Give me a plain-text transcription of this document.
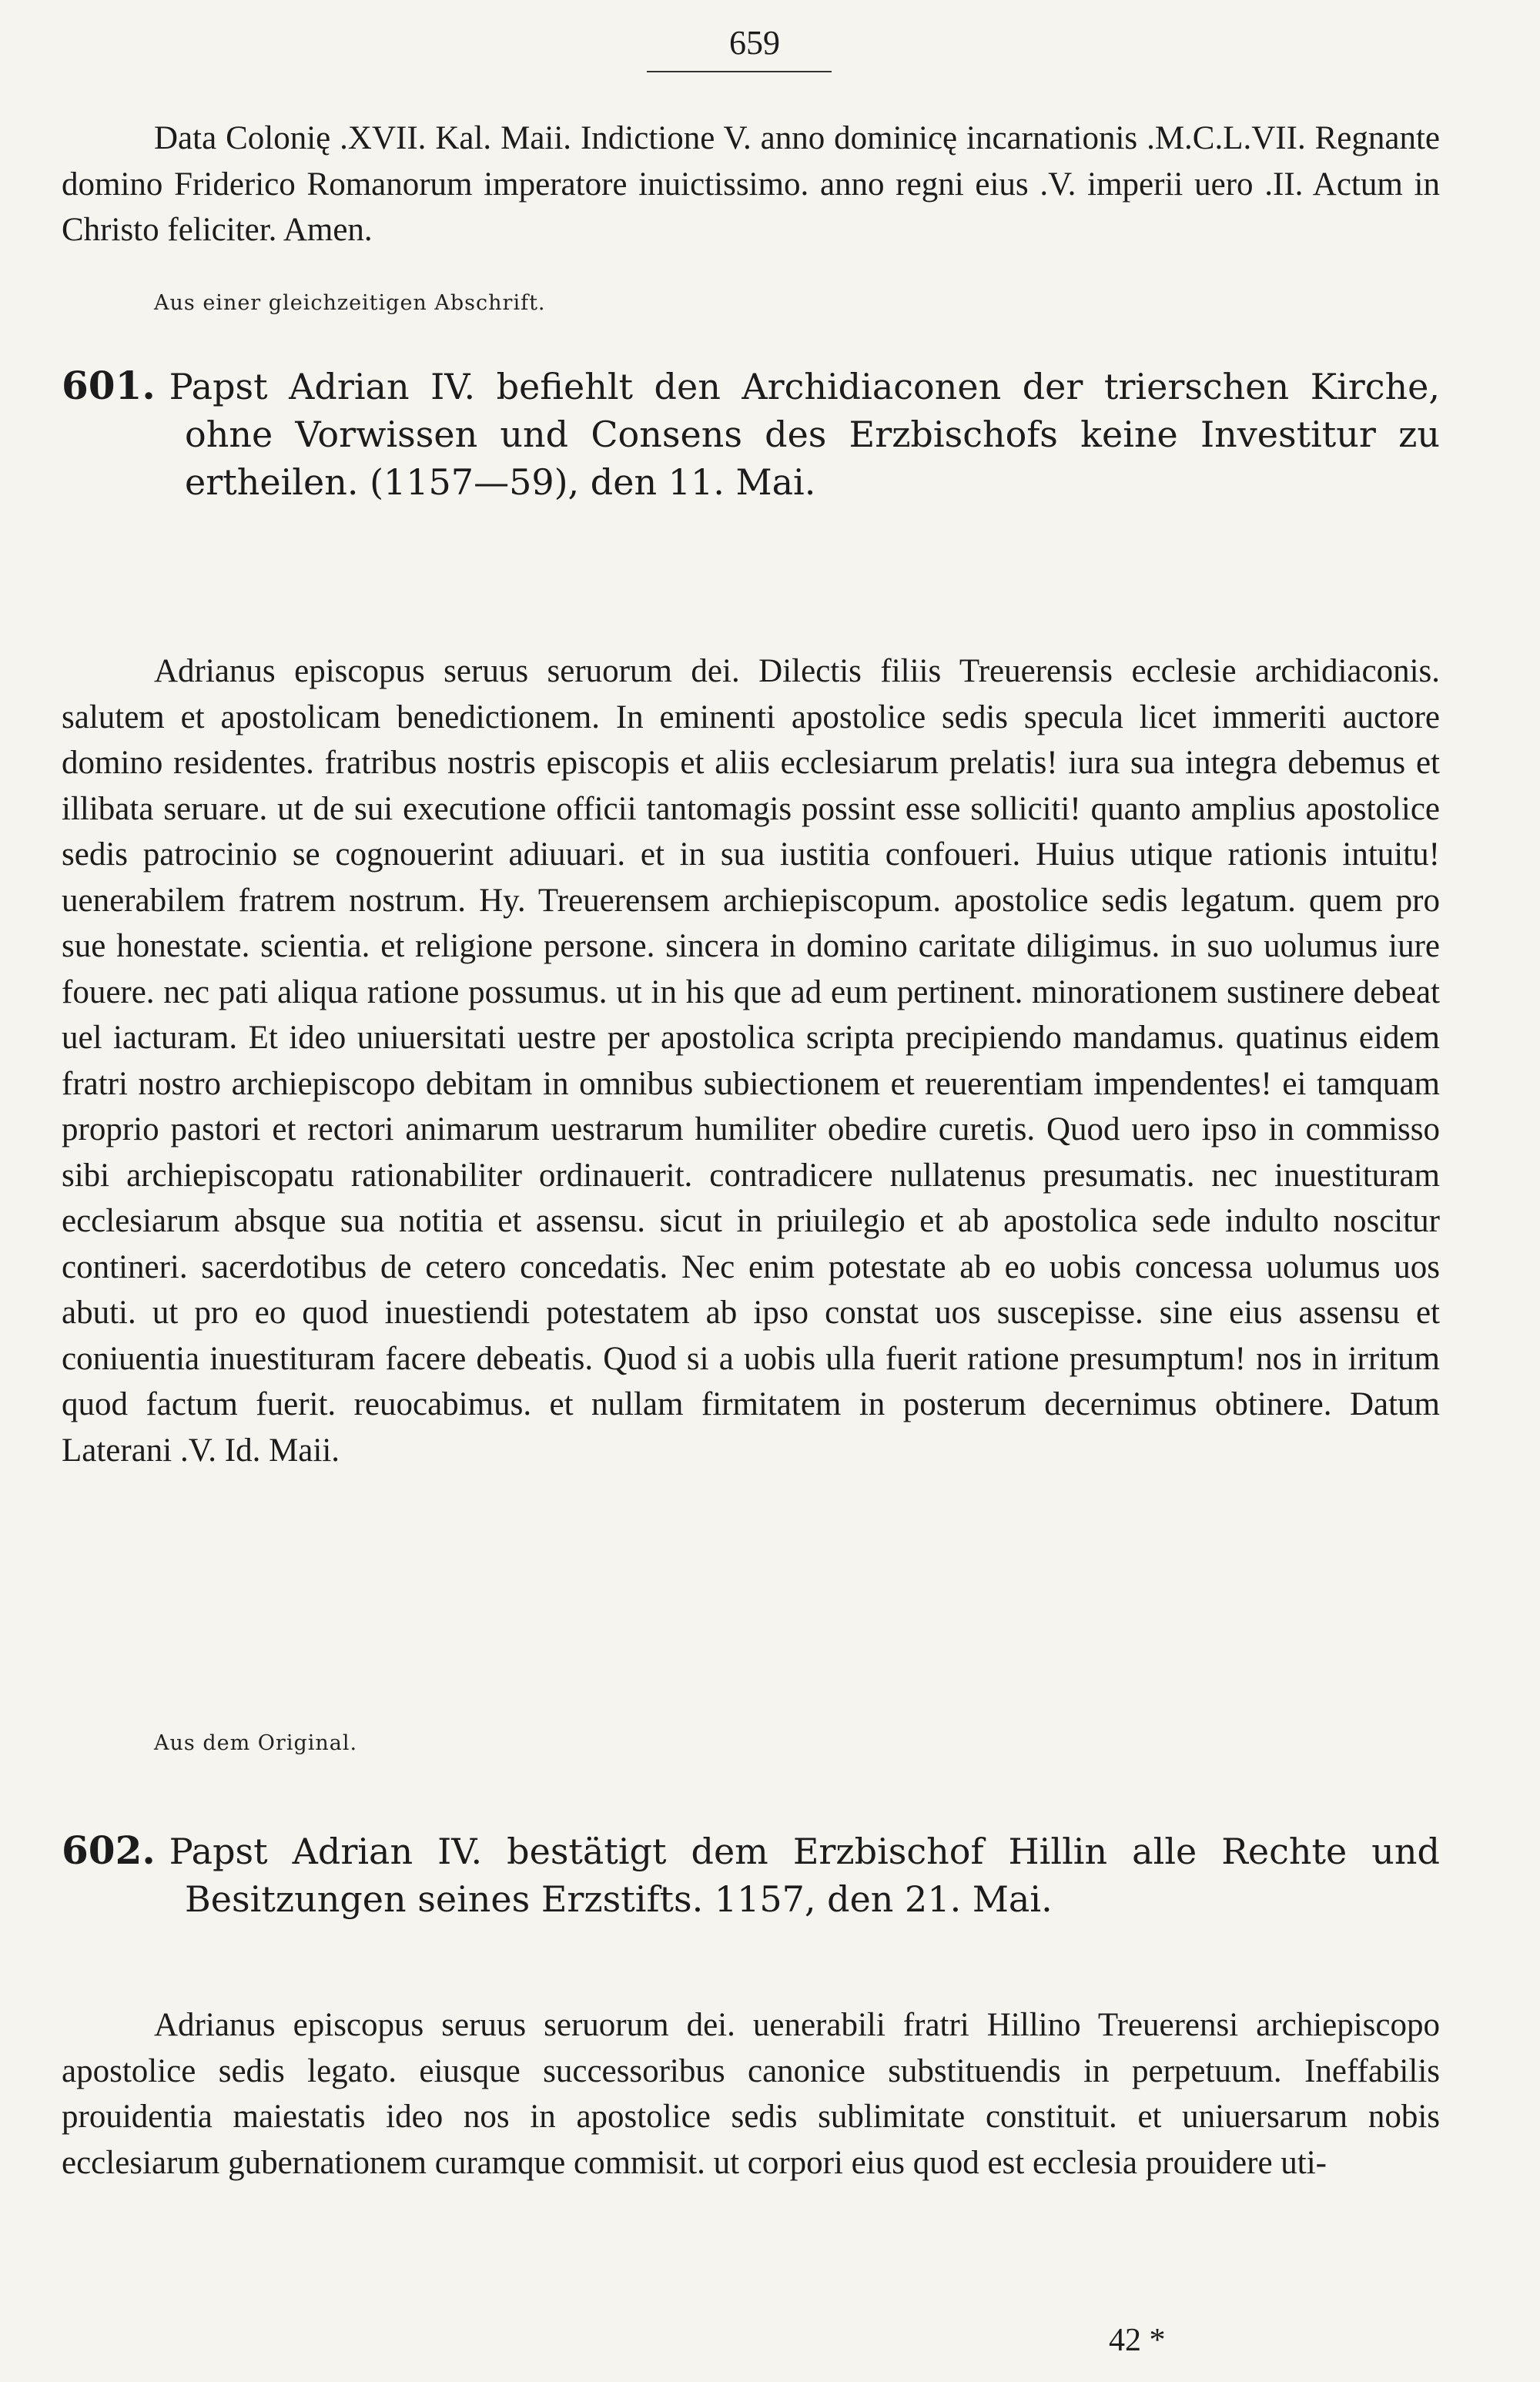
659

Data Colonię .XVII. Kal. Maii. Indictione V. anno dominicę incarnationis .M.C.L.VII. Regnante domino Friderico Romanorum imperatore inuictissimo. anno regni eius .V. imperii uero .II. Actum in Christo feliciter. Amen.

Aus einer gleichzeitigen Abschrift.
601. Papst Adrian IV. befiehlt den Archidiaconen der trierschen Kirche,
ohne Vorwissen und Consens des Erzbischofs keine Investitur zu
ertheilen. (1157—59), den 11. Mai.

Adrianus episcopus seruus seruorum dei. Dilectis filiis Treuerensis ecclesie archidiaconis. salutem et apostolicam benedictionem. In eminenti apostolice sedis specula licet immeriti auctore domino residentes. fratribus nostris episcopis et aliis ecclesiarum prelatis! iura sua integra debemus et illibata seruare. ut de sui executione officii tantomagis possint esse solliciti! quanto amplius apostolice sedis patrocinio se cognouerint adiuuari. et in sua iustitia confoueri. Huius utique rationis intuitu! uenerabilem fratrem nostrum. Hy. Treuerensem archiepiscopum. apostolice sedis legatum. quem pro sue honestate. scientia. et religione persone. sincera in domino caritate diligimus. in suo uolumus iure fouere. nec pati aliqua ratione possumus. ut in his que ad eum pertinent. minorationem sustinere debeat uel iacturam. Et ideo uniuersitati uestre per apostolica scripta precipiendo mandamus. quatinus eidem fratri nostro archiepiscopo debitam in omnibus subiectionem et reuerentiam impendentes! ei tamquam proprio pastori et rectori animarum uestrarum humiliter obedire curetis. Quod uero ipso in commisso sibi archiepiscopatu rationabiliter ordinauerit. contradicere nullatenus presumatis. nec inuestituram ecclesiarum absque sua notitia et assensu. sicut in priuilegio et ab apostolica sede indulto noscitur contineri. sacerdotibus de cetero concedatis. Nec enim potestate ab eo uobis concessa uolumus uos abuti. ut pro eo quod inuestiendi potestatem ab ipso constat uos suscepisse. sine eius assensu et coniuentia inuestituram facere debeatis. Quod si a uobis ulla fuerit ratione presumptum! nos in irritum quod factum fuerit. reuocabimus. et nullam firmitatem in posterum decernimus obtinere. Datum Laterani .V. Id. Maii.

Aus dem Original.
602. Papst Adrian IV. bestätigt dem Erzbischof Hillin alle Rechte und
Besitzungen seines Erzstifts. 1157, den 21. Mai.

Adrianus episcopus seruus seruorum dei. uenerabili fratri Hillino Treuerensi archiepiscopo apostolice sedis legato. eiusque successoribus canonice substituendis in perpetuum. Ineffabilis prouidentia maiestatis ideo nos in apostolice sedis sublimitate constituit. et uniuersarum nobis ecclesiarum gubernationem curamque commisit. ut corpori eius quod est ecclesia prouidere uti-

42 *
